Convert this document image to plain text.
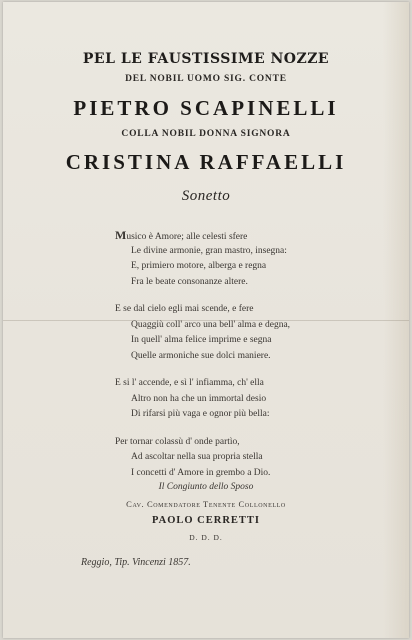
PEL LE FAUSTISSIME NOZZE
DEL NOBIL UOMO SIG. CONTE
PIETRO SCAPINELLI
COLLA NOBIL DONNA SIGNORA
CRISTINA RAFFAELLI
Sonetto
Musico è Amore; alle celesti sfere
Le divine armonie, gran mastro, insegna:
E, primiero motore, alberga e regna
Fra le beate consonanze altere.
E se dal cielo egli mai scende, e fere
Quaggiù coll' arco una bell' alma e degna,
In quell' alma felice imprime e segna
Quelle armoniche sue dolci maniere.
E si l' accende, e sì l' infiamma, ch' ella
Altro non ha che un immortal desio
Di rifarsi più vaga e ognor più bella:
Per tornar colassù d' onde partìo,
Ad ascoltar nella sua propria stella
I concetti d' Amore in grembo a Dio.
Il Congiunto dello Sposo
Cav. Comendatore Tenente Collonello
PAOLO CERRETTI
D. D. D.
Reggio, Tip. Vincenzi 1857.
